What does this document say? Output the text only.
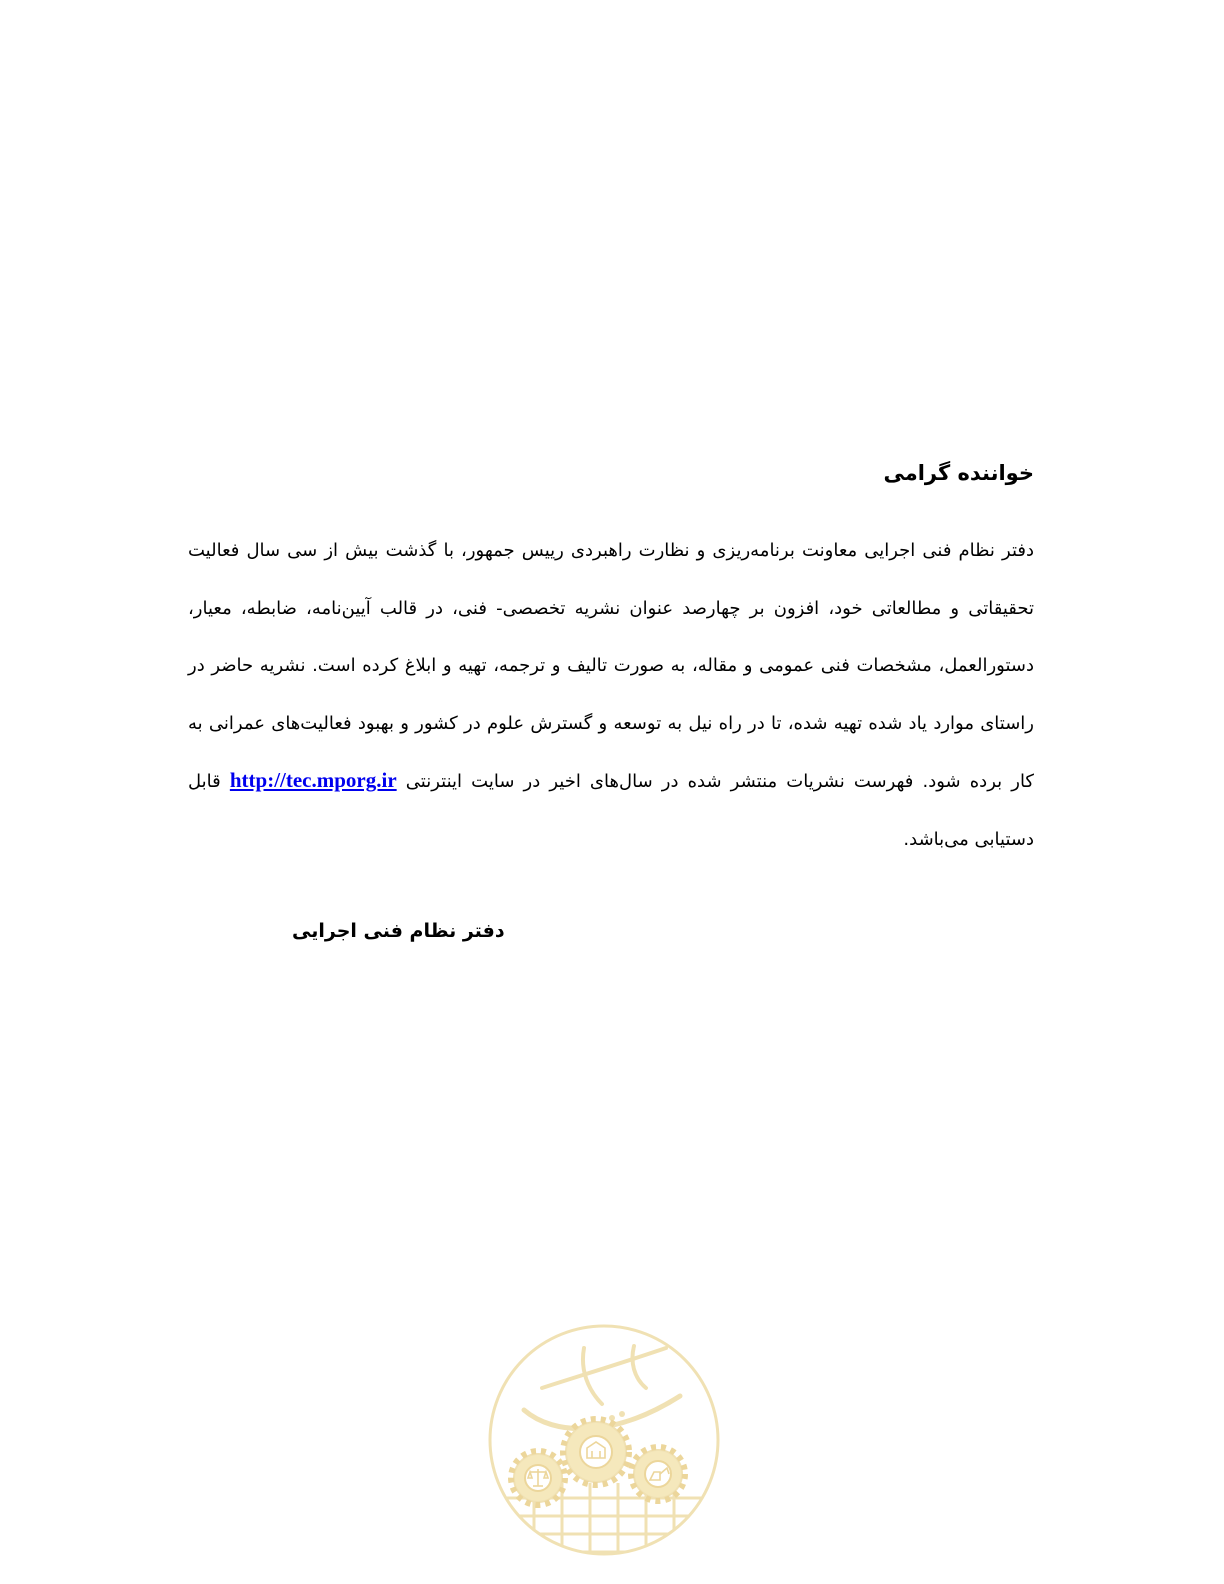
خواننده گرامی

دفتر نظام فنی اجرایی معاونت برنامه‌ریزی و نظارت راهبردی رییس جمهور، با گذشت بیش از سی سال فعالیت تحقیقاتی و مطالعاتی خود، افزون بر چهارصد عنوان نشریه تخصصی- فنی، در قالب آیین‌نامه، ضابطه، معیار، دستورالعمل، مشخصات فنی عمومی و مقاله، به صورت تالیف و ترجمه، تهیه و ابلاغ کرده است. نشریه حاضر در راستای موارد یاد شده تهیه شده، تا در راه نیل به توسعه و گسترش علوم در کشور و بهبود فعالیت‌های عمرانی به کار برده شود. فهرست نشریات منتشر شده در سال‌های اخیر در سایت اینترنتی http://tec.mporg.ir قابل دستیابی می‌باشد.

دفتر نظام فنی اجرایی
